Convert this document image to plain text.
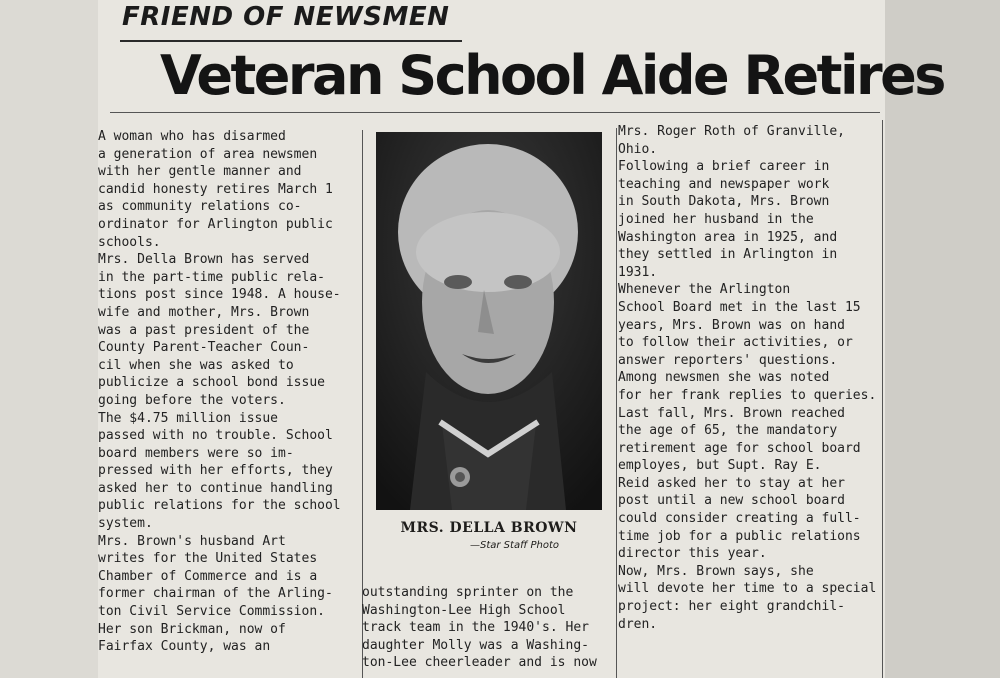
FRIEND OF NEWSMEN
Veteran School Aide Retires
A woman who has disarmed
a generation of area newsmen
with her gentle manner and
candid honesty retires March 1
as community relations co-
ordinator for Arlington public
schools.
Mrs. Della Brown has served
in the part-time public rela-
tions post since 1948. A house-
wife and mother, Mrs. Brown
was a past president of the
County Parent-Teacher Coun-
cil when she was asked to
publicize a school bond issue
going before the voters.
The $4.75 million issue
passed with no trouble. School
board members were so im-
pressed with her efforts, they
asked her to continue handling
public relations for the school
system.
Mrs. Brown's husband Art
writes for the United States
Chamber of Commerce and is a
former chairman of the Arling-
ton Civil Service Commission.
Her son Brickman, now of
Fairfax County, was an
MRS. DELLA BROWN
—Star Staff Photo
outstanding sprinter on the
Washington-Lee High School
track team in the 1940's. Her
daughter Molly was a Washing-
ton-Lee cheerleader and is now
Mrs. Roger Roth of Granville,
Ohio.
Following a brief career in
teaching and newspaper work
in South Dakota, Mrs. Brown
joined her husband in the
Washington area in 1925, and
they settled in Arlington in
1931.
Whenever the Arlington
School Board met in the last 15
years, Mrs. Brown was on hand
to follow their activities, or
answer reporters' questions.
Among newsmen she was noted
for her frank replies to queries.
Last fall, Mrs. Brown reached
the age of 65, the mandatory
retirement age for school board
employes, but Supt. Ray E.
Reid asked her to stay at her
post until a new school board
could consider creating a full-
time job for a public relations
director this year.
Now, Mrs. Brown says, she
will devote her time to a special
project: her eight grandchil-
dren.
